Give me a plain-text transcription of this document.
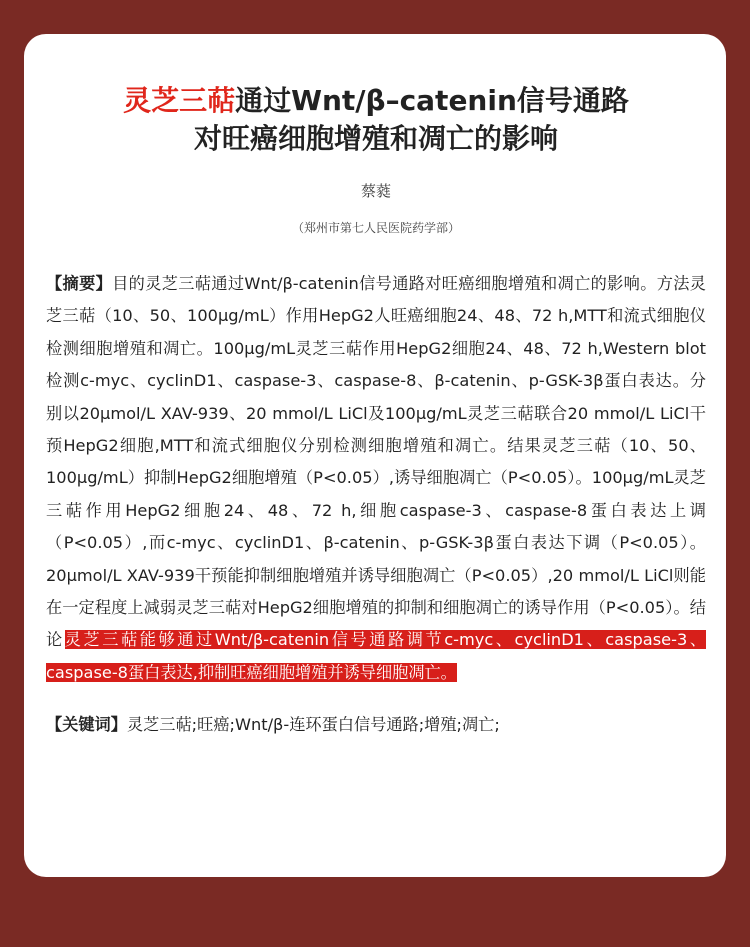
灵芝三萜通过Wnt/β–catenin信号通路
对旺癌细胞增殖和凋亡的影响
蔡蕤
（郑州市第七人民医院药学部）
【摘要】目的灵芝三萜通过Wnt/β-catenin信号通路对旺癌细胞增殖和凋亡的影响。方法灵芝三萜（10、50、100μg/mL）作用HepG2人旺癌细胞24、48、72 h,MTT和流式细胞仪检测细胞增殖和凋亡。100μg/mL灵芝三萜作用HepG2细胞24、48、72 h,Western blot检测c-myc、cyclinD1、caspase-3、caspase-8、β-catenin、p-GSK-3β蛋白表达。分别以20μmol/L XAV-939、20 mmol/L LiCl及100μg/mL灵芝三萜联合20 mmol/L LiCl干预HepG2细胞,MTT和流式细胞仪分别检测细胞增殖和凋亡。结果灵芝三萜（10、50、100μg/mL）抑制HepG2细胞增殖（P<0.05）,诱导细胞凋亡（P<0.05）。100μg/mL灵芝三萜作用HepG2细胞24、48、72 h,细胞caspase-3、caspase-8蛋白表达上调（P<0.05）,而c-myc、cyclinD1、β-catenin、p-GSK-3β蛋白表达下调（P<0.05）。20μmol/L XAV-939干预能抑制细胞增殖并诱导细胞凋亡（P<0.05）,20 mmol/L LiCl则能在一定程度上减弱灵芝三萜对HepG2细胞增殖的抑制和细胞凋亡的诱导作用（P<0.05）。结论灵芝三萜能够通过Wnt/β-catenin信号通路调节c-myc、cyclinD1、caspase-3、caspase-8蛋白表达,抑制旺癌细胞增殖并诱导细胞凋亡。
【关键词】灵芝三萜;旺癌;Wnt/β-连环蛋白信号通路;增殖;凋亡;
